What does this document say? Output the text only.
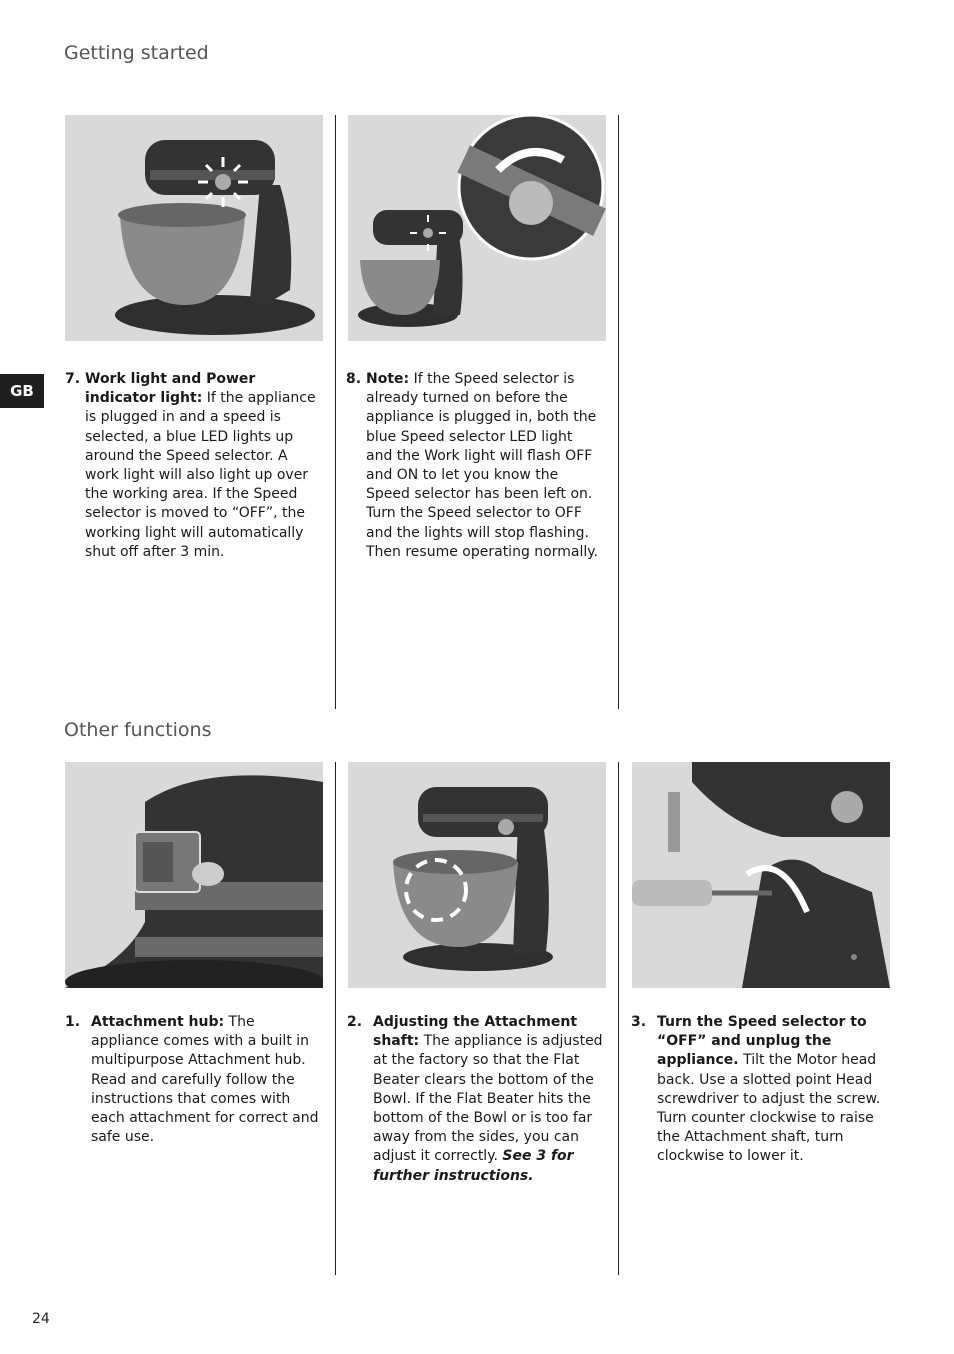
Getting started
GB
7. Work light and Power indicator light: If the appliance is plugged in and a speed is selected, a blue LED lights up around the Speed selector. A work light will also light up over the working area. If the Speed selector is moved to “OFF”, the working light will automatically shut off after 3 min.
8. Note: If the Speed selector is already turned on before the appliance is plugged in, both the blue Speed selector LED light and the Work light will flash OFF and ON to let you know the Speed selector has been left on. Turn the Speed selector to OFF and the lights will stop flashing. Then resume operating normally.
Other functions
1. Attachment hub: The appliance comes with a built in multipurpose Attachment hub. Read and carefully follow the instructions that comes with each attachment for correct and safe use.
2. Adjusting the Attachment shaft: The appliance is adjusted at the factory so that the Flat Beater clears the bottom of the Bowl. If the Flat Beater hits the bottom of the Bowl or is too far away from the sides, you can adjust it correctly. See 3 for further instructions.
3. Turn the Speed selector to “OFF” and unplug the appliance. Tilt the Motor head back. Use a slotted point Head screwdriver to adjust the screw. Turn counter clockwise to raise the Attachment shaft, turn clockwise to lower it.
24
